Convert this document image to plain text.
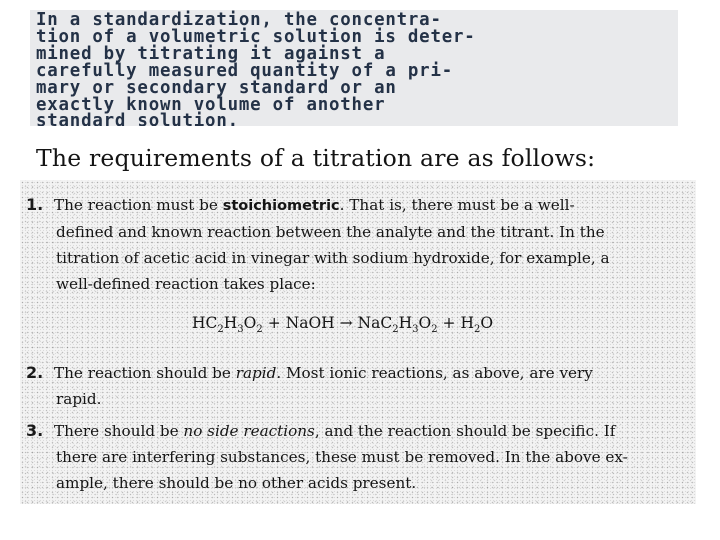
In a standardization, the concentra-
tion of a volumetric solution is deter-
mined by titrating it against a
carefully measured quantity of a pri-
mary or secondary standard or an
exactly known volume of another
standard solution.
The requirements of a titration are as follows:
1. The reaction must be stoichiometric. That is, there must be a well-
defined and known reaction between the analyte and the titrant. In the
titration of acetic acid in vinegar with sodium hydroxide, for example, a
well-defined reaction takes place:
$HC_2H_3O_2$ + NaOH → $NaC_2H_3O_2 + H_2O$
2. The reaction should be rapid. Most ionic reactions, as above, are very
rapid.
3. There should be no side reactions, and the reaction should be specific. If
there are interfering substances, these must be removed. In the above ex-
ample, there should be no other acids present.
